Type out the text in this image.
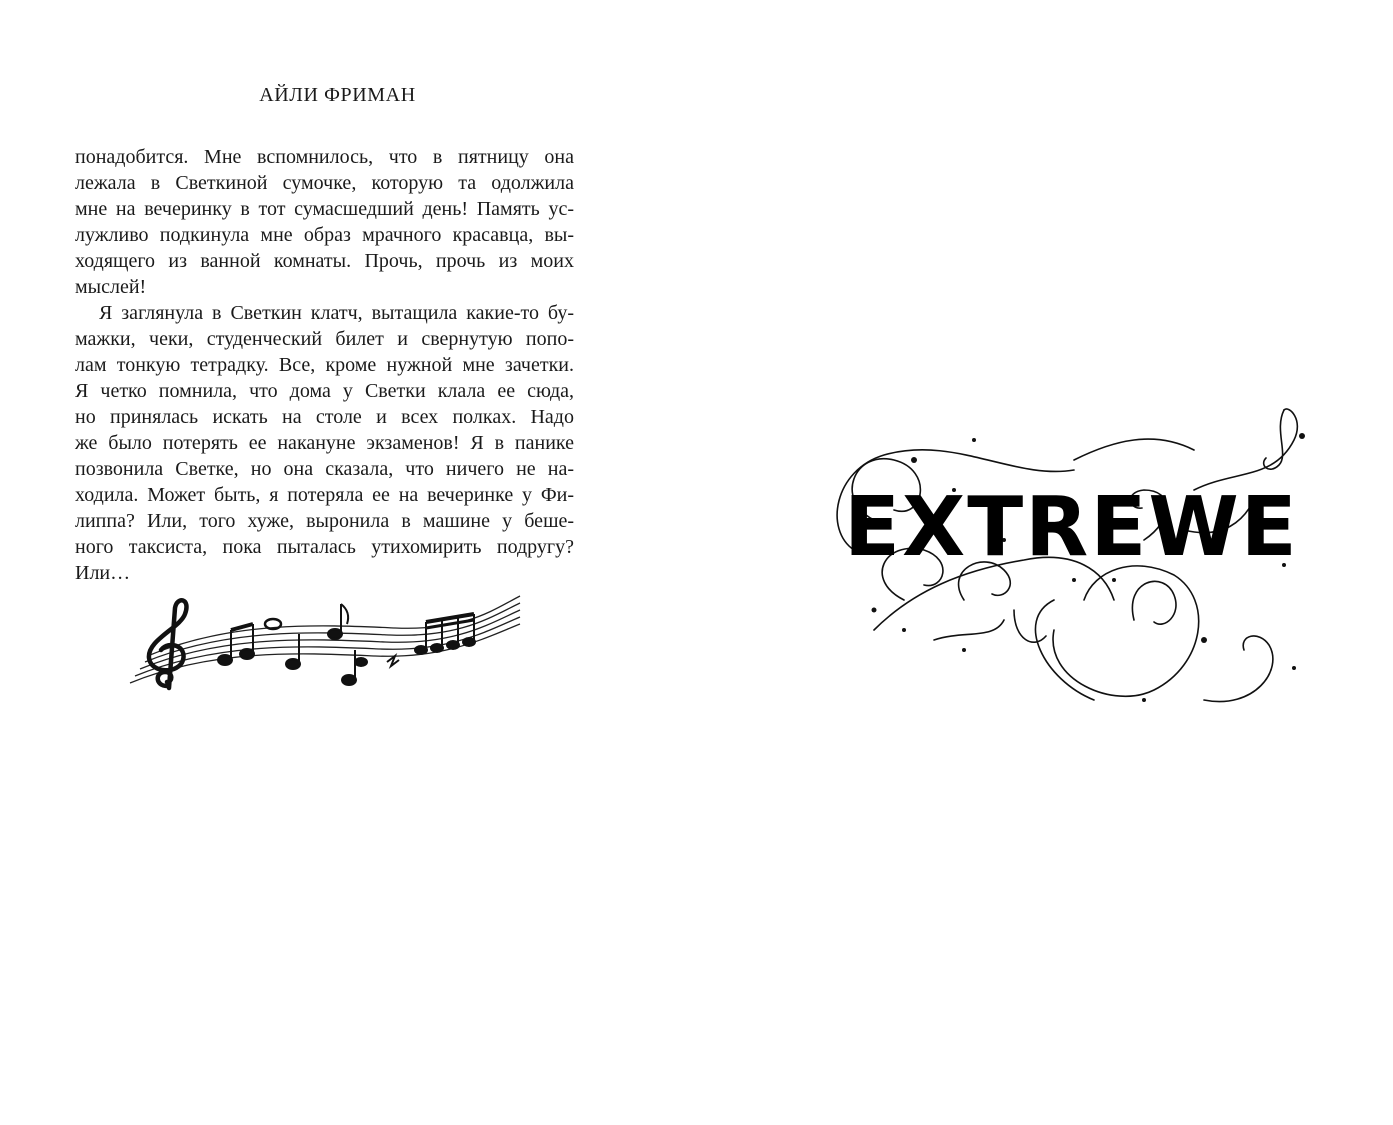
АЙЛИ ФРИМАН

понадобится. Мне вспомнилось, что в пятницу она
лежала в Светкиной сумочке, которую та одолжила
мне на вечеринку в тот сумасшедший день! Память ус-
лужливо подкинула мне образ мрачного красавца, вы-
ходящего из ванной комнаты. Прочь, прочь из моих
мыслей!

Я заглянула в Светкин клатч, вытащила какие-то бу-
мажки, чеки, студенческий билет и свернутую попо-
лам тонкую тетрадку. Все, кроме нужной мне зачетки.
Я четко помнила, что дома у Светки клала ее сюда,
но принялась искать на столе и всех полках. Надо
же было потерять ее накануне экзаменов! Я в панике
позвонила Светке, но она сказала, что ничего не на-
ходила. Может быть, я потеряла ее на вечеринке у Фи-
липпа? Или, того хуже, выронила в машине у беше-
ного таксиста, пока пыталась утихомирить подругу?
Или…	EXTREWE
